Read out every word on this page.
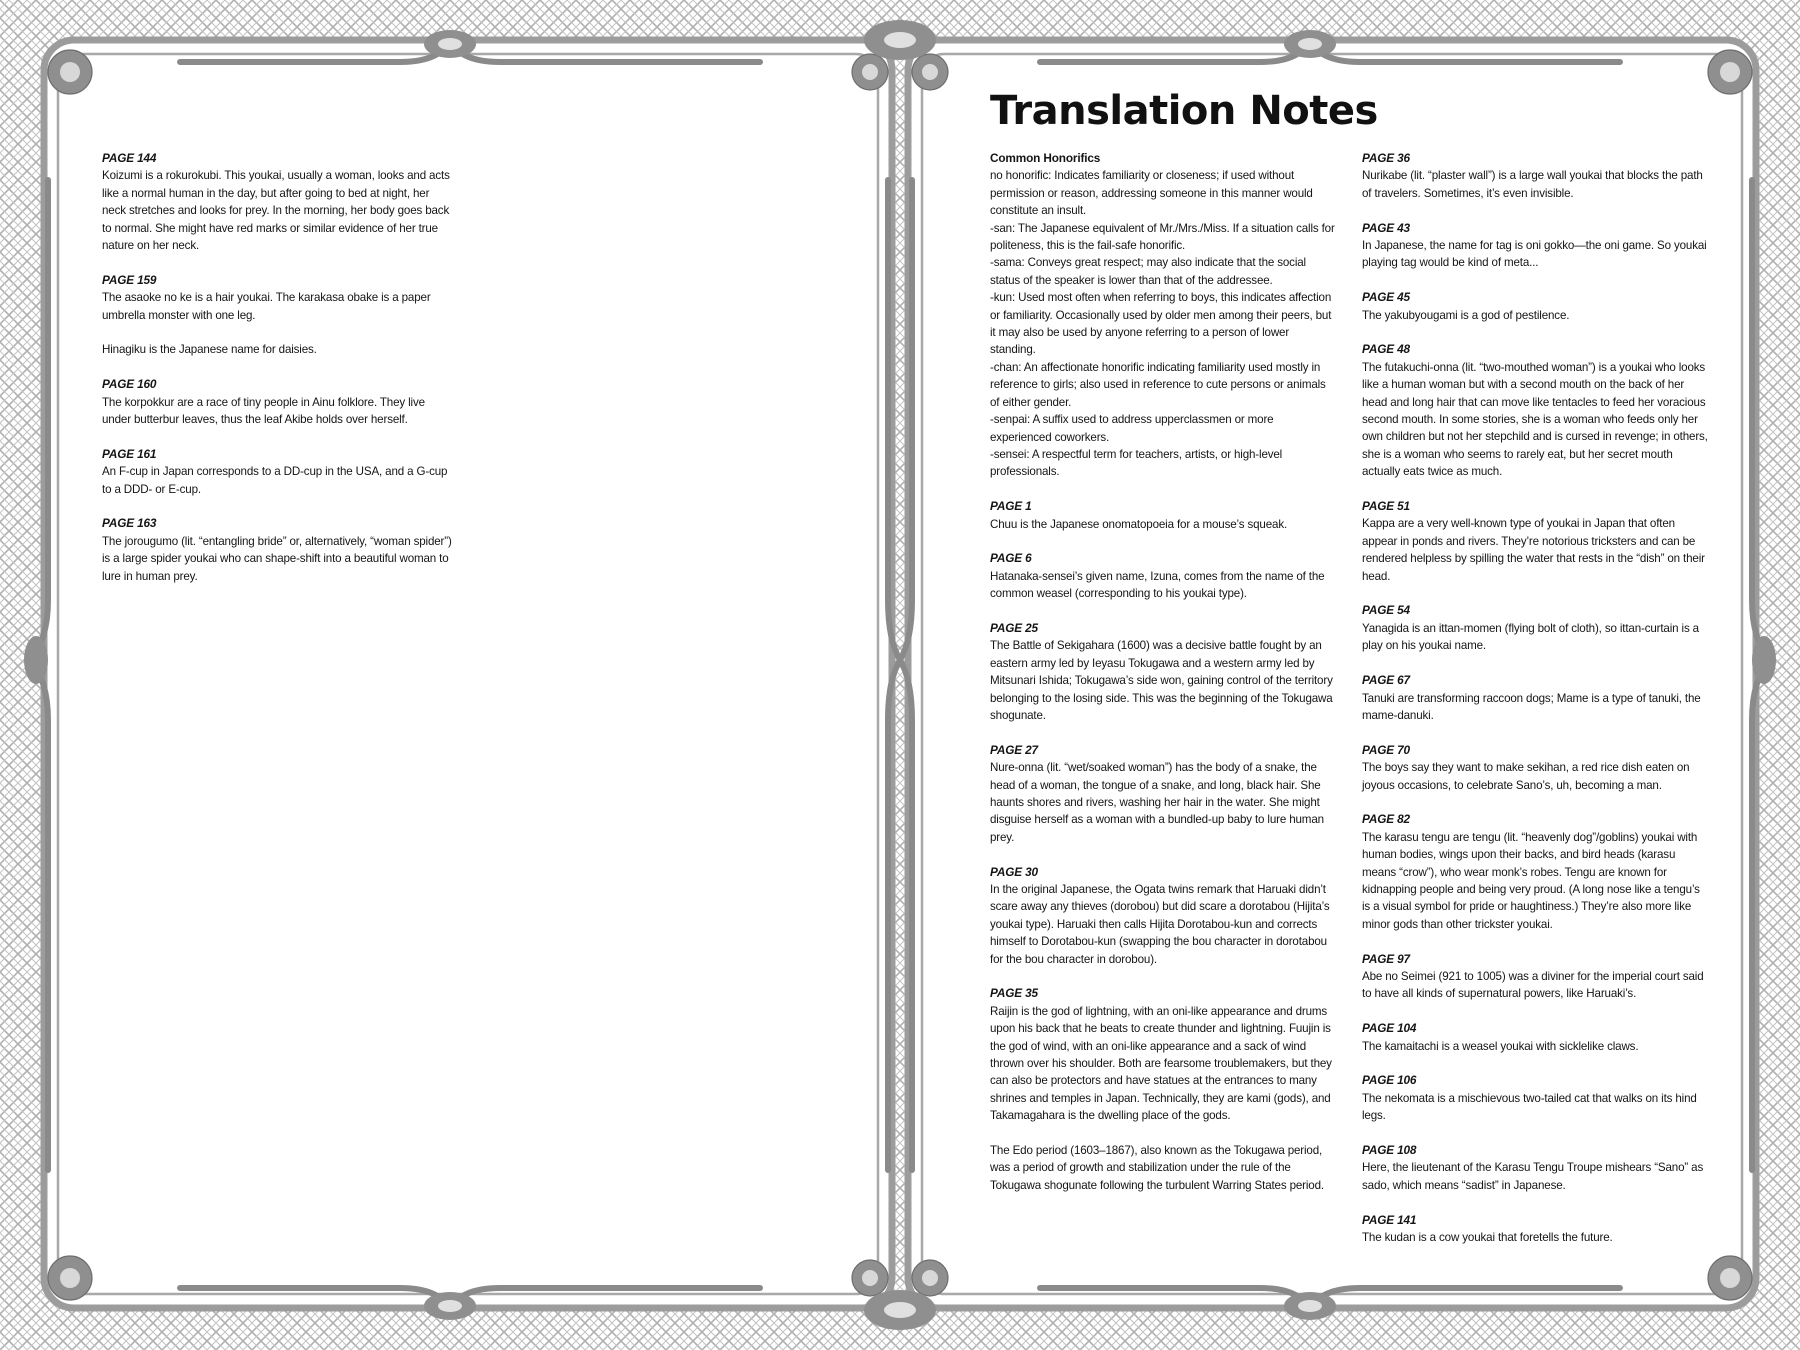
PAGE 144

Koizumi is a rokurokubi. This youkai, usually a woman, looks and acts like a normal human in the day, but after going to bed at night, her neck stretches and looks for prey. In the morning, her body goes back to normal. She might have red marks or similar evidence of her true nature on her neck.

PAGE 159

The asaoke no ke is a hair youkai. The karakasa obake is a paper umbrella monster with one leg.

Hinagiku is the Japanese name for daisies.

PAGE 160

The korpokkur are a race of tiny people in Ainu folklore. They live under butterbur leaves, thus the leaf Akibe holds over herself.

PAGE 161

An F-cup in Japan corresponds to a DD-cup in the USA, and a G-cup to a DDD- or E-cup.

PAGE 163

The jorougumo (lit. “entangling bride” or, alternatively, “woman spider”) is a large spider youkai who can shape-shift into a beautiful woman to lure in human prey.

Translation Notes

Common Honorifics

no honorific: Indicates familiarity or closeness; if used without permission or reason, addressing someone in this manner would constitute an insult.

-san: The Japanese equivalent of Mr./Mrs./Miss. If a situation calls for politeness, this is the fail-safe honorific.

-sama: Conveys great respect; may also indicate that the social status of the speaker is lower than that of the addressee.

-kun: Used most often when referring to boys, this indicates affection or familiarity. Occasionally used by older men among their peers, but it may also be used by anyone referring to a person of lower standing.

-chan: An affectionate honorific indicating familiarity used mostly in reference to girls; also used in reference to cute persons or animals of either gender.

-senpai: A suffix used to address upperclassmen or more experienced coworkers.

-sensei: A respectful term for teachers, artists, or high-level professionals.

PAGE 1

Chuu is the Japanese onomatopoeia for a mouse’s squeak.

PAGE 6

Hatanaka-sensei’s given name, Izuna, comes from the name of the common weasel (corresponding to his youkai type).

PAGE 25

The Battle of Sekigahara (1600) was a decisive battle fought by an eastern army led by Ieyasu Tokugawa and a western army led by Mitsunari Ishida; Tokugawa’s side won, gaining control of the territory belonging to the losing side. This was the beginning of the Tokugawa shogunate.

PAGE 27

Nure-onna (lit. “wet/soaked woman”) has the body of a snake, the head of a woman, the tongue of a snake, and long, black hair. She haunts shores and rivers, washing her hair in the water. She might disguise herself as a woman with a bundled-up baby to lure human prey.

PAGE 30

In the original Japanese, the Ogata twins remark that Haruaki didn’t scare away any thieves (dorobou) but did scare a dorotabou (Hijita’s youkai type). Haruaki then calls Hijita Dorotabou-kun and corrects himself to Dorotabou-kun (swapping the bou character in dorotabou for the bou character in dorobou).

PAGE 35

Raijin is the god of lightning, with an oni-like appearance and drums upon his back that he beats to create thunder and lightning. Fuujin is the god of wind, with an oni-like appearance and a sack of wind thrown over his shoulder. Both are fearsome troublemakers, but they can also be protectors and have statues at the entrances to many shrines and temples in Japan. Technically, they are kami (gods), and Takamagahara is the dwelling place of the gods.

The Edo period (1603–1867), also known as the Tokugawa period, was a period of growth and stabilization under the rule of the Tokugawa shogunate following the turbulent Warring States period.

PAGE 36

Nurikabe (lit. “plaster wall”) is a large wall youkai that blocks the path of travelers. Sometimes, it’s even invisible.

PAGE 43

In Japanese, the name for tag is oni gokko—the oni game. So youkai playing tag would be kind of meta...

PAGE 45

The yakubyougami is a god of pestilence.

PAGE 48

The futakuchi-onna (lit. “two-mouthed woman”) is a youkai who looks like a human woman but with a second mouth on the back of her head and long hair that can move like tentacles to feed her voracious second mouth. In some stories, she is a woman who feeds only her own children but not her stepchild and is cursed in revenge; in others, she is a woman who seems to rarely eat, but her secret mouth actually eats twice as much.

PAGE 51

Kappa are a very well-known type of youkai in Japan that often appear in ponds and rivers. They’re notorious tricksters and can be rendered helpless by spilling the water that rests in the “dish” on their head.

PAGE 54

Yanagida is an ittan-momen (flying bolt of cloth), so ittan-curtain is a play on his youkai name.

PAGE 67

Tanuki are transforming raccoon dogs; Mame is a type of tanuki, the mame-danuki.

PAGE 70

The boys say they want to make sekihan, a red rice dish eaten on joyous occasions, to celebrate Sano’s, uh, becoming a man.

PAGE 82

The karasu tengu are tengu (lit. “heavenly dog”/goblins) youkai with human bodies, wings upon their backs, and bird heads (karasu means “crow”), who wear monk’s robes. Tengu are known for kidnapping people and being very proud. (A long nose like a tengu’s is a visual symbol for pride or haughtiness.) They’re also more like minor gods than other trickster youkai.

PAGE 97

Abe no Seimei (921 to 1005) was a diviner for the imperial court said to have all kinds of supernatural powers, like Haruaki’s.

PAGE 104

The kamaitachi is a weasel youkai with sicklelike claws.

PAGE 106

The nekomata is a mischievous two-tailed cat that walks on its hind legs.

PAGE 108

Here, the lieutenant of the Karasu Tengu Troupe mishears “Sano” as sado, which means “sadist” in Japanese.

PAGE 141

The kudan is a cow youkai that foretells the future.
